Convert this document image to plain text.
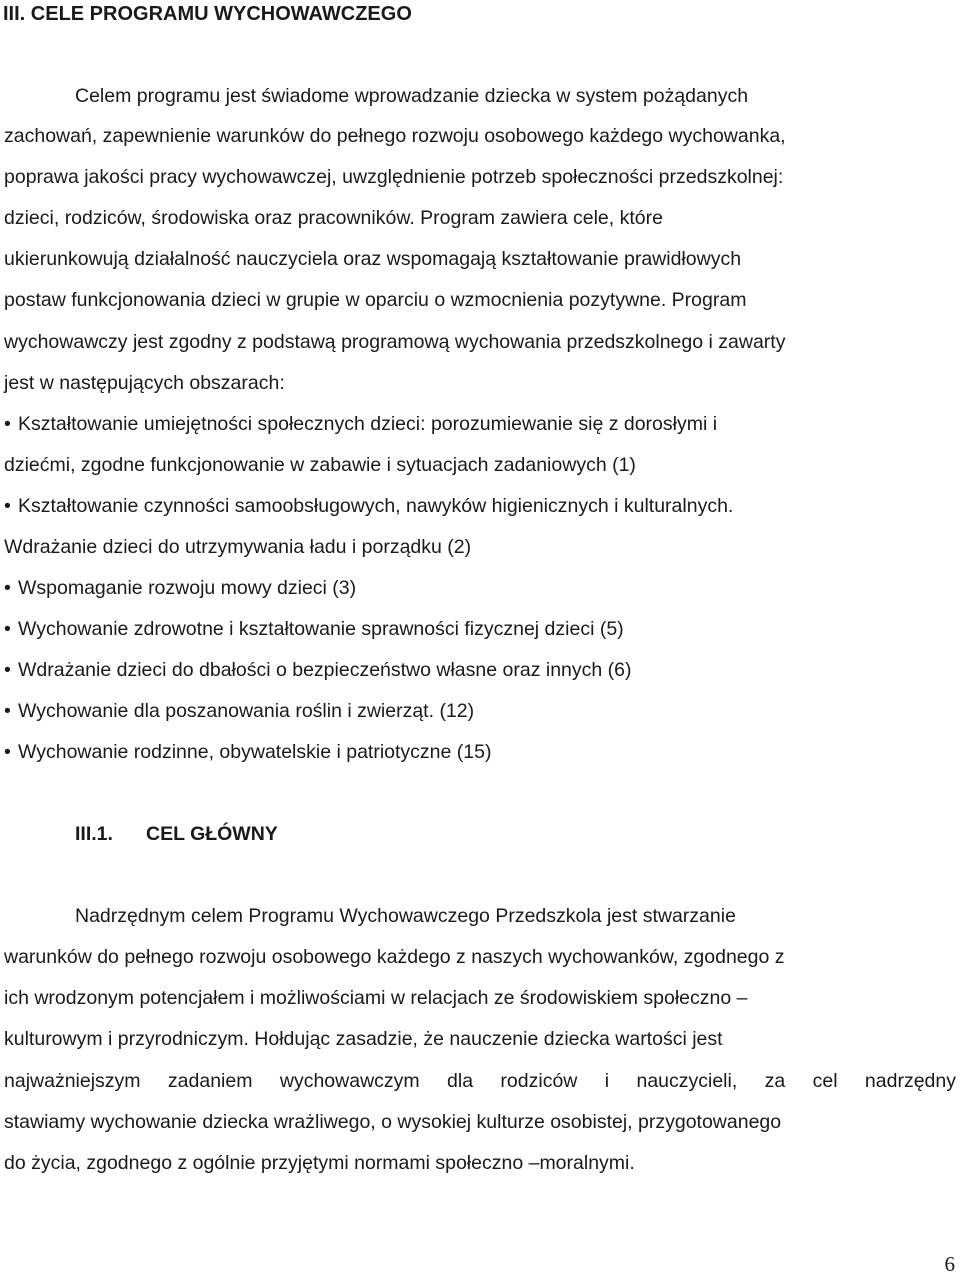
III. CELE PROGRAMU WYCHOWAWCZEGO
Celem programu jest świadome wprowadzanie dziecka w system pożądanych
zachowań, zapewnienie warunków do pełnego rozwoju osobowego każdego wychowanka,
poprawa jakości pracy wychowawczej, uwzględnienie potrzeb społeczności przedszkolnej:
dzieci, rodziców, środowiska oraz pracowników. Program zawiera cele, które
ukierunkowują działalność nauczyciela oraz wspomagają kształtowanie prawidłowych
postaw funkcjonowania dzieci w grupie w oparciu o wzmocnienia pozytywne. Program
wychowawczy jest zgodny z podstawą programową wychowania przedszkolnego i zawarty
jest w następujących obszarach:
• Kształtowanie umiejętności społecznych dzieci: porozumiewanie się z dorosłymi i
dziećmi, zgodne funkcjonowanie w zabawie i sytuacjach zadaniowych (1)
• Kształtowanie czynności samoobsługowych, nawyków higienicznych i kulturalnych.
Wdrażanie dzieci do utrzymywania ładu i porządku (2)
• Wspomaganie rozwoju mowy dzieci (3)
• Wychowanie zdrowotne i kształtowanie sprawności fizycznej dzieci (5)
• Wdrażanie dzieci do dbałości o bezpieczeństwo własne oraz innych (6)
• Wychowanie dla poszanowania roślin i zwierząt. (12)
• Wychowanie rodzinne, obywatelskie i patriotyczne (15)
III.1. CEL GŁÓWNY
Nadrzędnym celem Programu Wychowawczego Przedszkola jest stwarzanie
warunków do pełnego rozwoju osobowego każdego z naszych wychowanków, zgodnego z
ich wrodzonym potencjałem i możliwościami w relacjach ze środowiskiem społeczno –
kulturowym i przyrodniczym. Hołdując zasadzie, że nauczenie dziecka wartości jest
najważniejszym zadaniem wychowawczym dla rodziców i nauczycieli, za cel nadrzędny
stawiamy wychowanie dziecka wrażliwego, o wysokiej kulturze osobistej, przygotowanego
do życia, zgodnego z ogólnie przyjętymi normami społeczno –moralnymi.
6
